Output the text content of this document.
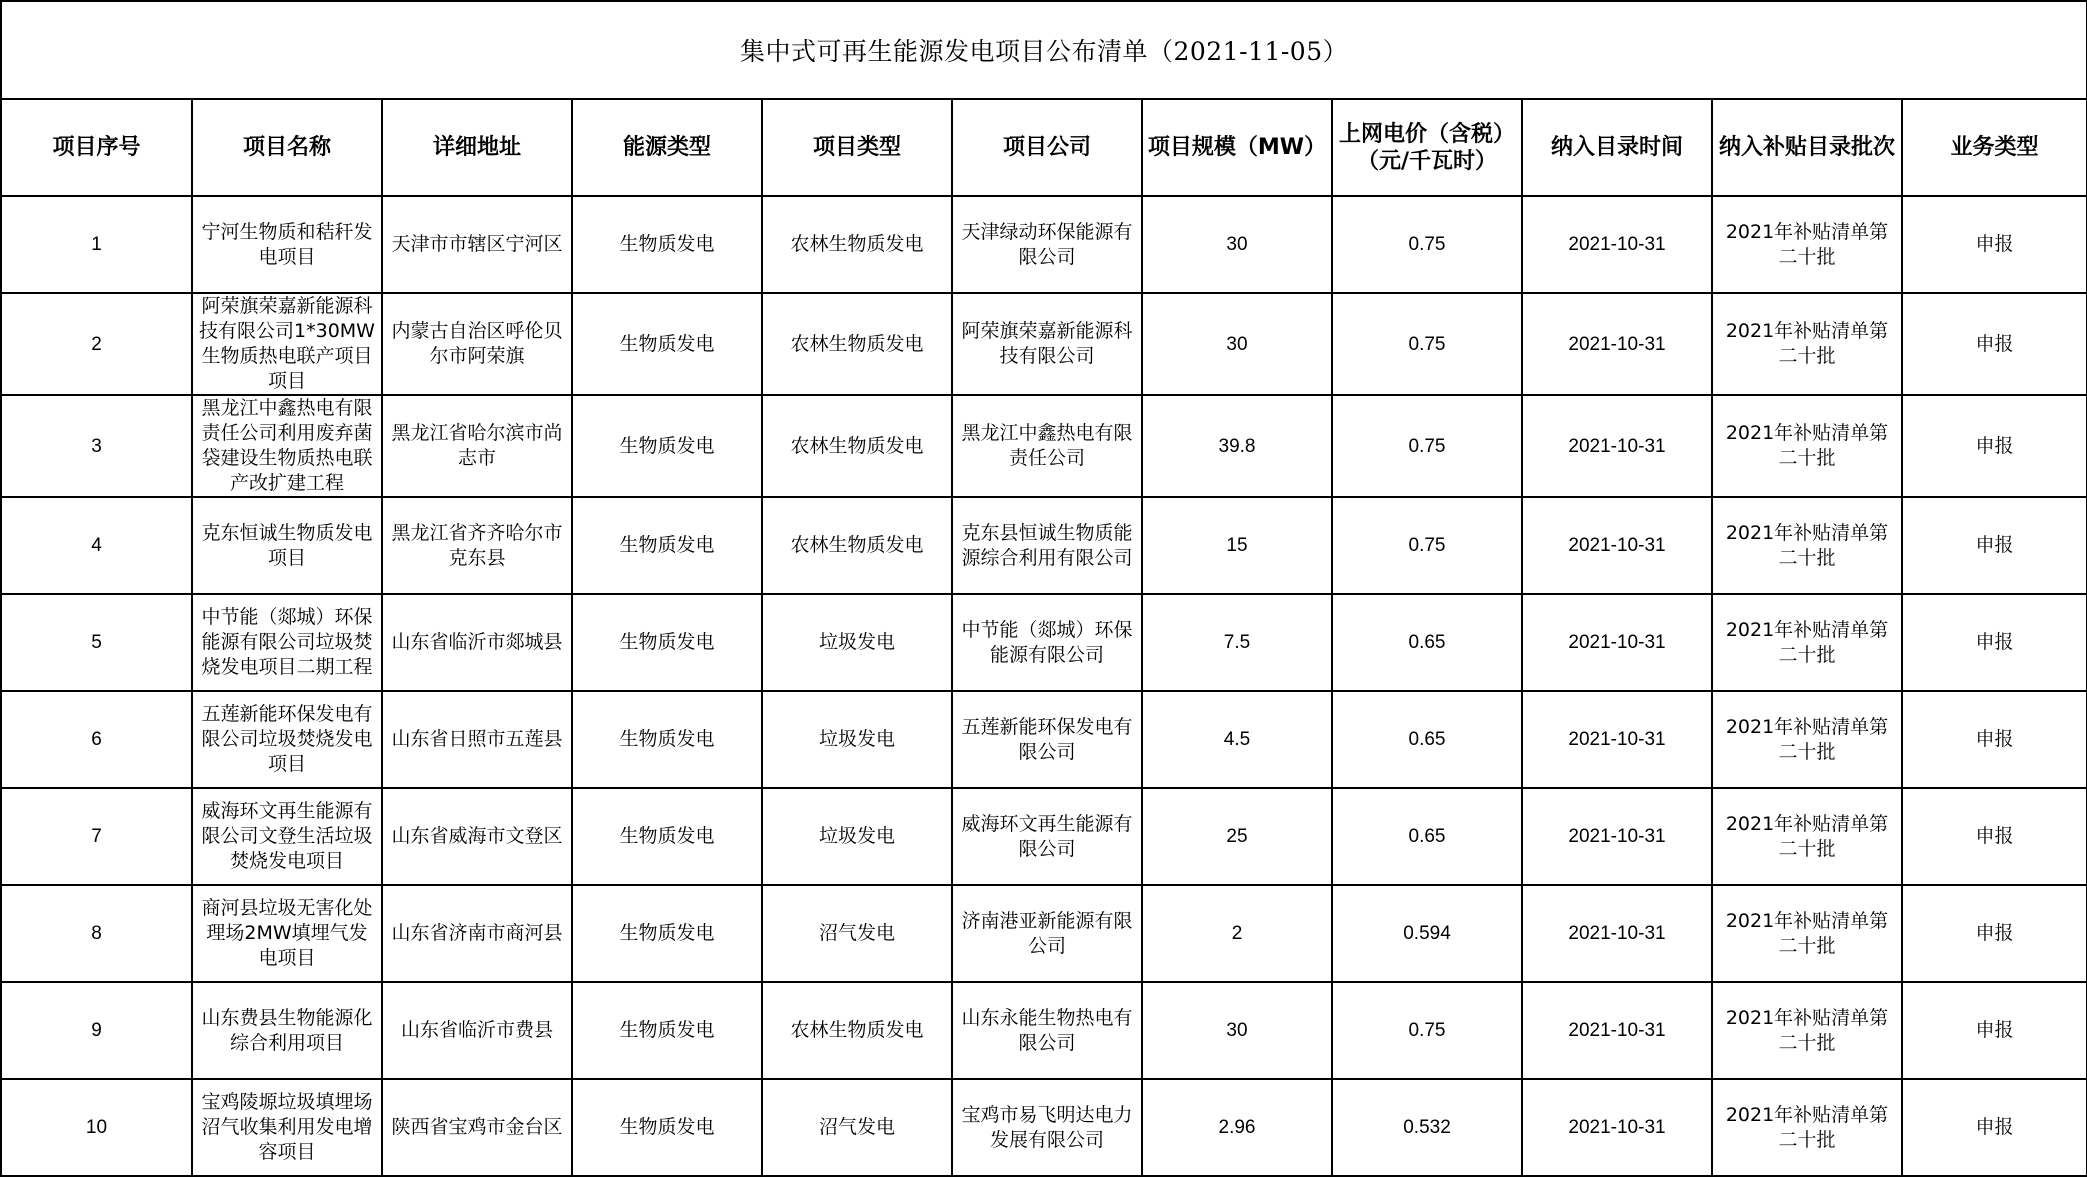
集中式可再生能源发电项目公布清单（2021-11-05）										
项目序号	项目名称	详细地址	能源类型	项目类型	项目公司	项目规模（MW）	上网电价（含税）（元/千瓦时）	纳入目录时间	纳入补贴目录批次	业务类型
1	宁河生物质和秸秆发电项目	天津市市辖区宁河区	生物质发电	农林生物质发电	天津绿动环保能源有限公司	30	0.75	2021-10-31	2021年补贴清单第二十批	申报
2	阿荣旗荣嘉新能源科技有限公司1*30MW生物质热电联产项目项目	内蒙古自治区呼伦贝尔市阿荣旗	生物质发电	农林生物质发电	阿荣旗荣嘉新能源科技有限公司	30	0.75	2021-10-31	2021年补贴清单第二十批	申报
3	黑龙江中鑫热电有限责任公司利用废弃菌袋建设生物质热电联产改扩建工程	黑龙江省哈尔滨市尚志市	生物质发电	农林生物质发电	黑龙江中鑫热电有限责任公司	39.8	0.75	2021-10-31	2021年补贴清单第二十批	申报
4	克东恒诚生物质发电项目	黑龙江省齐齐哈尔市克东县	生物质发电	农林生物质发电	克东县恒诚生物质能源综合利用有限公司	15	0.75	2021-10-31	2021年补贴清单第二十批	申报
5	中节能（郯城）环保能源有限公司垃圾焚烧发电项目二期工程	山东省临沂市郯城县	生物质发电	垃圾发电	中节能（郯城）环保能源有限公司	7.5	0.65	2021-10-31	2021年补贴清单第二十批	申报
6	五莲新能环保发电有限公司垃圾焚烧发电项目	山东省日照市五莲县	生物质发电	垃圾发电	五莲新能环保发电有限公司	4.5	0.65	2021-10-31	2021年补贴清单第二十批	申报
7	威海环文再生能源有限公司文登生活垃圾焚烧发电项目	山东省威海市文登区	生物质发电	垃圾发电	威海环文再生能源有限公司	25	0.65	2021-10-31	2021年补贴清单第二十批	申报
8	商河县垃圾无害化处理场2MW填埋气发电项目	山东省济南市商河县	生物质发电	沼气发电	济南港亚新能源有限公司	2	0.594	2021-10-31	2021年补贴清单第二十批	申报
9	山东费县生物能源化综合利用项目	山东省临沂市费县	生物质发电	农林生物质发电	山东永能生物热电有限公司	30	0.75	2021-10-31	2021年补贴清单第二十批	申报
10	宝鸡陵塬垃圾填埋场沼气收集利用发电增容项目	陕西省宝鸡市金台区	生物质发电	沼气发电	宝鸡市易飞明达电力发展有限公司	2.96	0.532	2021-10-31	2021年补贴清单第二十批	申报
